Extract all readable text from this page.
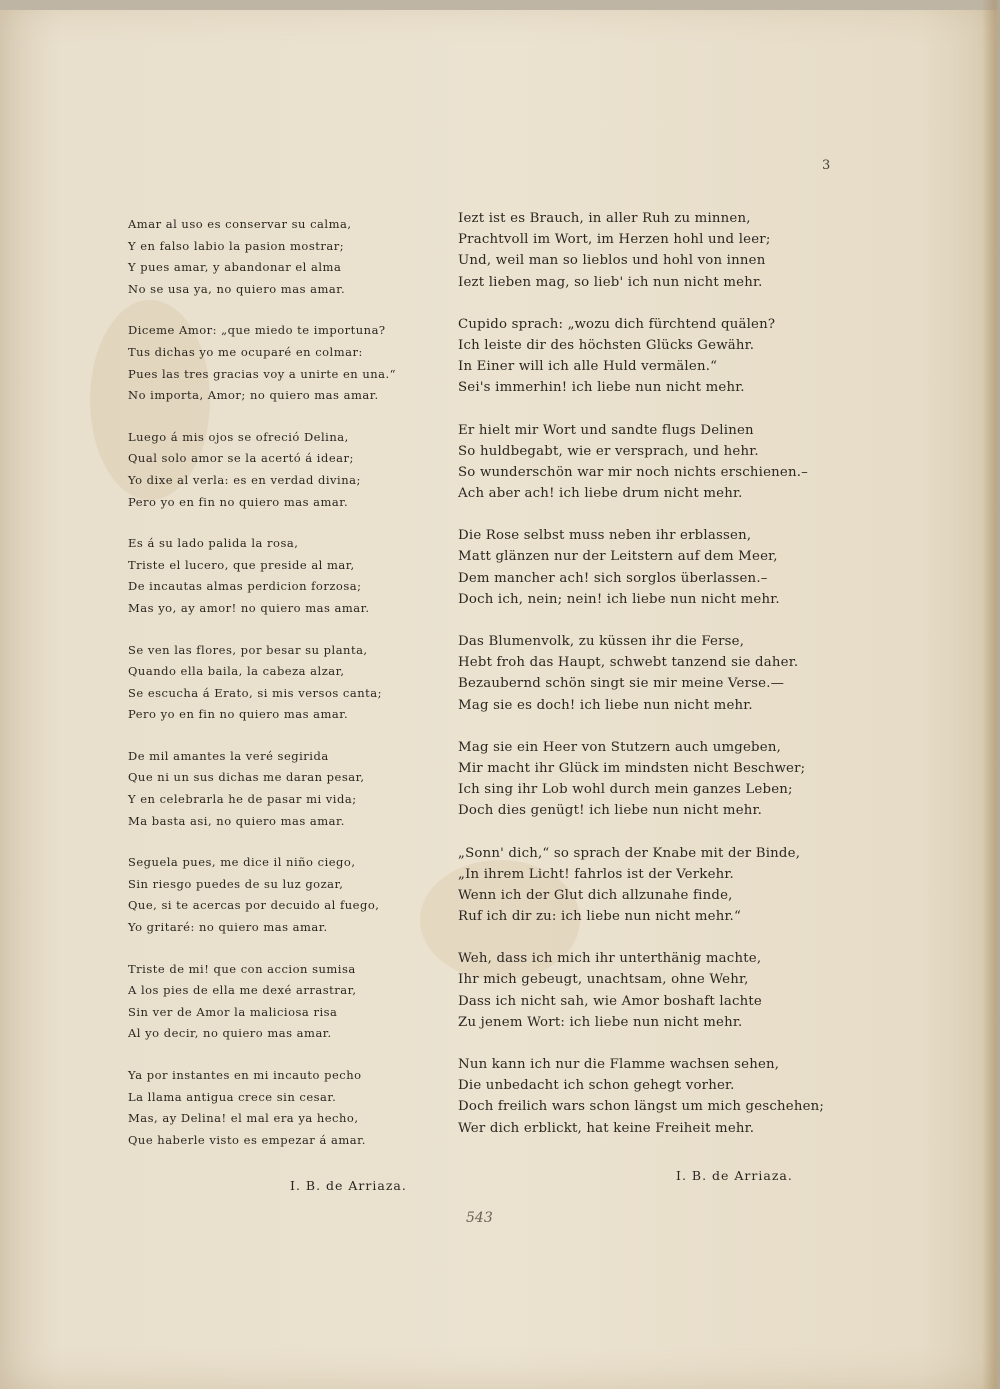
3
Amar al uso es conservar su calma,
Y en falso labio la pasion mostrar;
Y pues amar, y abandonar el alma
No se usa ya, no quiero mas amar.
Diceme Amor: „que miedo te importuna?
Tus dichas yo me ocuparé en colmar:
Pues las tres gracias voy a unirte en una.“
No importa, Amor; no quiero mas amar.
Luego á mis ojos se ofreció Delina,
Qual solo amor se la acertó á idear;
Yo dixe al verla: es en verdad divina;
Pero yo en fin no quiero mas amar.
Es á su lado palida la rosa,
Triste el lucero, que preside al mar,
De incautas almas perdicion forzosa;
Mas yo, ay amor! no quiero mas amar.
Se ven las flores, por besar su planta,
Quando ella baila, la cabeza alzar,
Se escucha á Erato, si mis versos canta;
Pero yo en fin no quiero mas amar.
De mil amantes la veré segirida
Que ni un sus dichas me daran pesar,
Y en celebrarla he de pasar mi vida;
Ma basta asi, no quiero mas amar.
Seguela pues, me dice il niño ciego,
Sin riesgo puedes de su luz gozar,
Que, si te acercas por decuido al fuego,
Yo gritaré: no quiero mas amar.
Triste de mi! que con accion sumisa
A los pies de ella me dexé arrastrar,
Sin ver de Amor la maliciosa risa
Al yo decir, no quiero mas amar.
Ya por instantes en mi incauto pecho
La llama antigua crece sin cesar.
Mas, ay Delina! el mal era ya hecho,
Que haberle visto es empezar á amar.
I. B. de Arriaza.
Iezt ist es Brauch, in aller Ruh zu minnen,
Prachtvoll im Wort, im Herzen hohl und leer;
Und, weil man so lieblos und hohl von innen
Iezt lieben mag, so lieb' ich nun nicht mehr.
Cupido sprach: „wozu dich fürchtend quälen?
Ich leiste dir des höchsten Glücks Gewähr.
In Einer will ich alle Huld vermälen.“
Sei's immerhin! ich liebe nun nicht mehr.
Er hielt mir Wort und sandte flugs Delinen
So huldbegabt, wie er versprach, und hehr.
So wunderschön war mir noch nichts erschienen.–
Ach aber ach! ich liebe drum nicht mehr.
Die Rose selbst muss neben ihr erblassen,
Matt glänzen nur der Leitstern auf dem Meer,
Dem mancher ach! sich sorglos überlassen.–
Doch ich, nein; nein! ich liebe nun nicht mehr.
Das Blumenvolk, zu küssen ihr die Ferse,
Hebt froh das Haupt, schwebt tanzend sie daher.
Bezaubernd schön singt sie mir meine Verse.—
Mag sie es doch! ich liebe nun nicht mehr.
Mag sie ein Heer von Stutzern auch umgeben,
Mir macht ihr Glück im mindsten nicht Beschwer;
Ich sing ihr Lob wohl durch mein ganzes Leben;
Doch dies genügt! ich liebe nun nicht mehr.
„Sonn' dich,“ so sprach der Knabe mit der Binde,
„In ihrem Licht! fahrlos ist der Verkehr.
Wenn ich der Glut dich allzunahe finde,
Ruf ich dir zu: ich liebe nun nicht mehr.“
Weh, dass ich mich ihr unterthänig machte,
Ihr mich gebeugt, unachtsam, ohne Wehr,
Dass ich nicht sah, wie Amor boshaft lachte
Zu jenem Wort: ich liebe nun nicht mehr.
Nun kann ich nur die Flamme wachsen sehen,
Die unbedacht ich schon gehegt vorher.
Doch freilich wars schon längst um mich geschehen;
Wer dich erblickt, hat keine Freiheit mehr.
I. B. de Arriaza.
543
